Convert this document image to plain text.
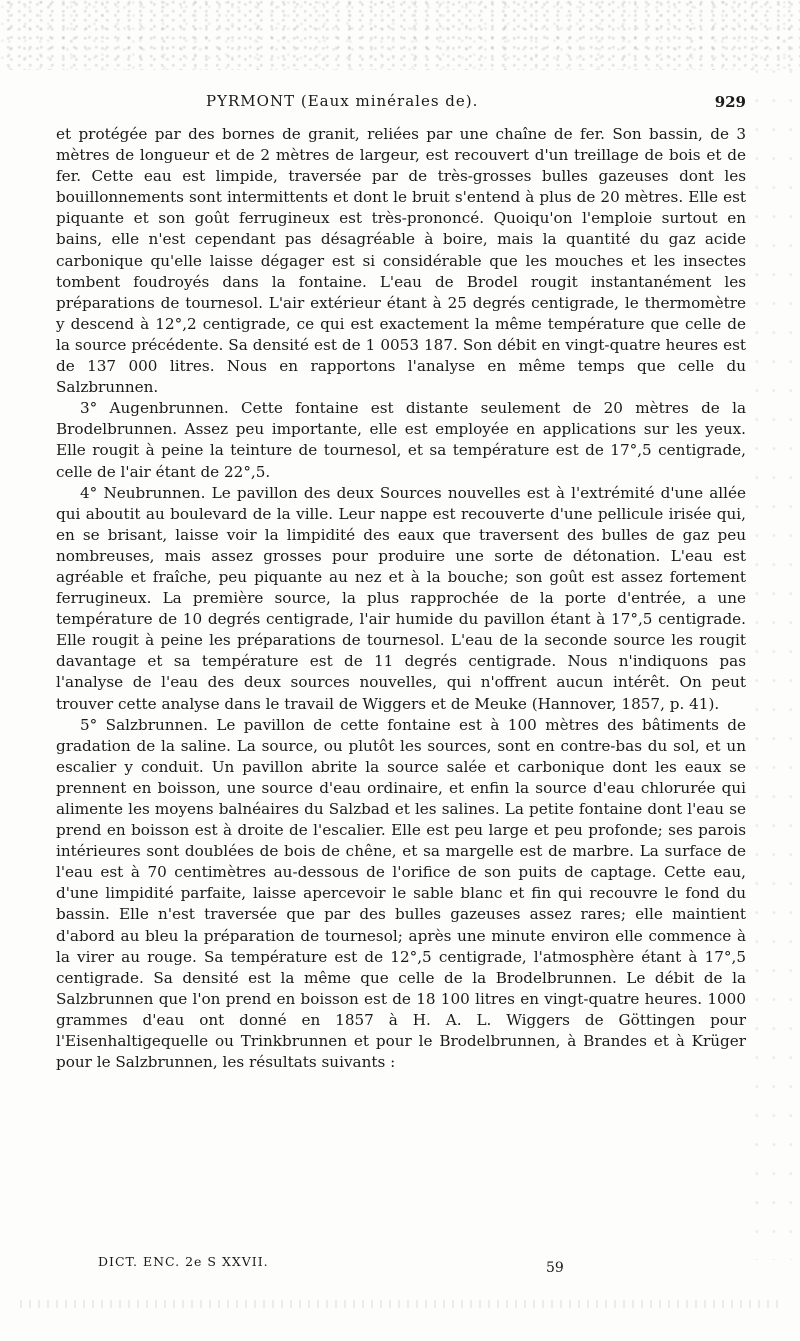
PYRMONT (Eaux minérales de).	929

et protégée par des bornes de granit, reliées par une chaîne de fer. Son bassin, de 3 mètres de longueur et de 2 mètres de largeur, est recouvert d'un treillage de bois et de fer. Cette eau est limpide, traversée par de très-grosses bulles gazeuses dont les bouillonnements sont intermittents et dont le bruit s'entend à plus de 20 mètres. Elle est piquante et son goût ferrugineux est très-prononcé. Quoiqu'on l'emploie surtout en bains, elle n'est cependant pas désagréable à boire, mais la quantité du gaz acide carbonique qu'elle laisse dégager est si considérable que les mouches et les insectes tombent foudroyés dans la fontaine. L'eau de Brodel rougit instantanément les préparations de tournesol. L'air extérieur étant à 25 degrés centigrade, le thermomètre y descend à 12°,2 centigrade, ce qui est exactement la même température que celle de la source précédente. Sa densité est de 1 0053 187. Son débit en vingt-quatre heures est de 137 000 litres. Nous en rapportons l'analyse en même temps que celle du Salzbrunnen.

3° Augenbrunnen. Cette fontaine est distante seulement de 20 mètres de la Brodelbrunnen. Assez peu importante, elle est employée en applications sur les yeux. Elle rougit à peine la teinture de tournesol, et sa température est de 17°,5 centigrade, celle de l'air étant de 22°,5.

4° Neubrunnen. Le pavillon des deux Sources nouvelles est à l'extrémité d'une allée qui aboutit au boulevard de la ville. Leur nappe est recouverte d'une pellicule irisée qui, en se brisant, laisse voir la limpidité des eaux que traversent des bulles de gaz peu nombreuses, mais assez grosses pour produire une sorte de détonation. L'eau est agréable et fraîche, peu piquante au nez et à la bouche; son goût est assez fortement ferrugineux. La première source, la plus rapprochée de la porte d'entrée, a une température de 10 degrés centigrade, l'air humide du pavillon étant à 17°,5 centigrade. Elle rougit à peine les préparations de tournesol. L'eau de la seconde source les rougit davantage et sa température est de 11 degrés centigrade. Nous n'indiquons pas l'analyse de l'eau des deux sources nouvelles, qui n'offrent aucun intérêt. On peut trouver cette analyse dans le travail de Wiggers et de Meuke (Hannover, 1857, p. 41).

5° Salzbrunnen. Le pavillon de cette fontaine est à 100 mètres des bâtiments de gradation de la saline. La source, ou plutôt les sources, sont en contre-bas du sol, et un escalier y conduit. Un pavillon abrite la source salée et carbonique dont les eaux se prennent en boisson, une source d'eau ordinaire, et enfin la source d'eau chlorurée qui alimente les moyens balnéaires du Salzbad et les salines. La petite fontaine dont l'eau se prend en boisson est à droite de l'escalier. Elle est peu large et peu profonde; ses parois intérieures sont doublées de bois de chêne, et sa margelle est de marbre. La surface de l'eau est à 70 centimètres au-dessous de l'orifice de son puits de captage. Cette eau, d'une limpidité parfaite, laisse apercevoir le sable blanc et fin qui recouvre le fond du bassin. Elle n'est traversée que par des bulles gazeuses assez rares; elle maintient d'abord au bleu la préparation de tournesol; après une minute environ elle commence à la virer au rouge. Sa température est de 12°,5 centigrade, l'atmosphère étant à 17°,5 centigrade. Sa densité est la même que celle de la Brodelbrunnen. Le débit de la Salzbrunnen que l'on prend en boisson est de 18 100 litres en vingt-quatre heures. 1000 grammes d'eau ont donné en 1857 à H. A. L. Wiggers de Göttingen pour l'Eisenhaltigequelle ou Trinkbrunnen et pour le Brodelbrunnen, à Brandes et à Krüger pour le Salzbrunnen, les résultats suivants :

DICT. ENC. 2e S XXVII.	59
